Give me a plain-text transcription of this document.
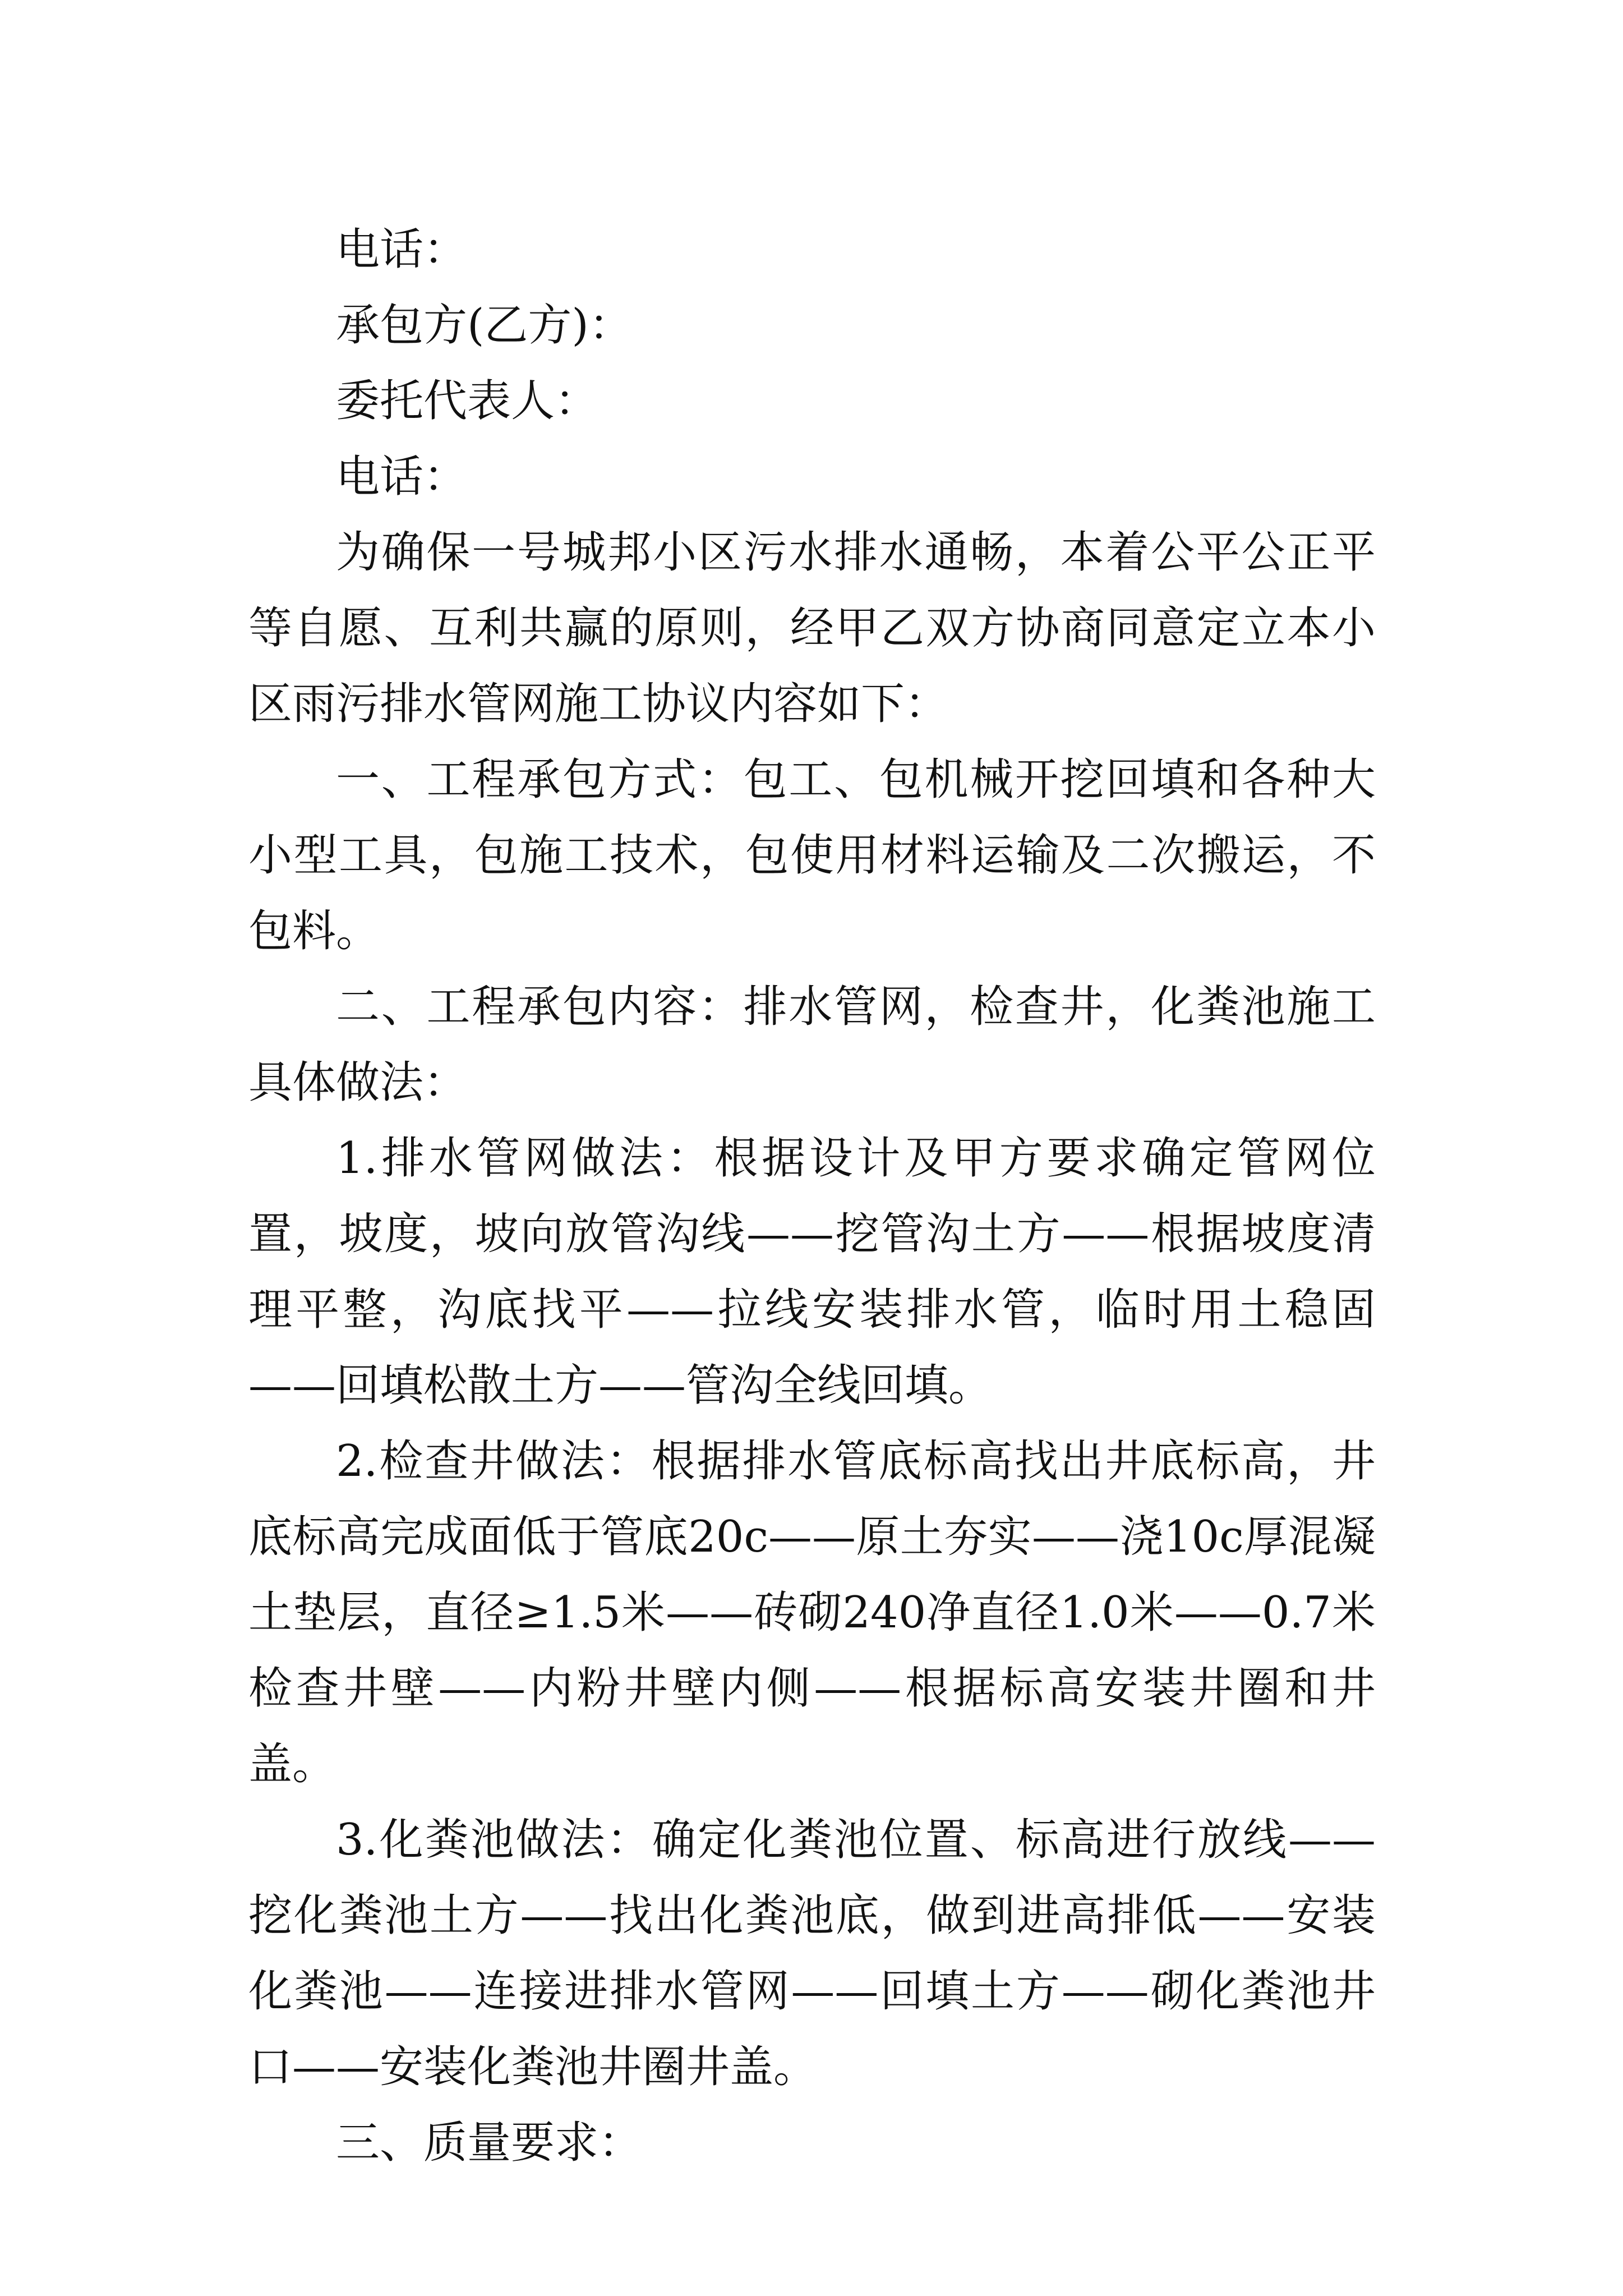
电话：

承包方(乙方)：

委托代表人：

电话：

为确保一号城邦小区污水排水通畅，本着公平公正平等自愿、互利共赢的原则，经甲乙双方协商同意定立本小区雨污排水管网施工协议内容如下：

一、工程承包方式：包工、包机械开挖回填和各种大小型工具，包施工技术，包使用材料运输及二次搬运，不包料。

二、工程承包内容：排水管网，检查井，化粪池施工具体做法：

1.排水管网做法：根据设计及甲方要求确定管网位置，坡度，坡向放管沟线——挖管沟土方——根据坡度清理平整，沟底找平——拉线安装排水管，临时用土稳固——回填松散土方——管沟全线回填。

2.检查井做法：根据排水管底标高找出井底标高，井底标高完成面低于管底20c——原土夯实——浇10c厚混凝土垫层，直径≥1.5米——砖砌240净直径1.0米——0.7米检查井壁——内粉井壁内侧——根据标高安装井圈和井盖。

3.化粪池做法：确定化粪池位置、标高进行放线——挖化粪池土方——找出化粪池底，做到进高排低——安装化粪池——连接进排水管网——回填土方——砌化粪池井口——安装化粪池井圈井盖。

三、质量要求：
